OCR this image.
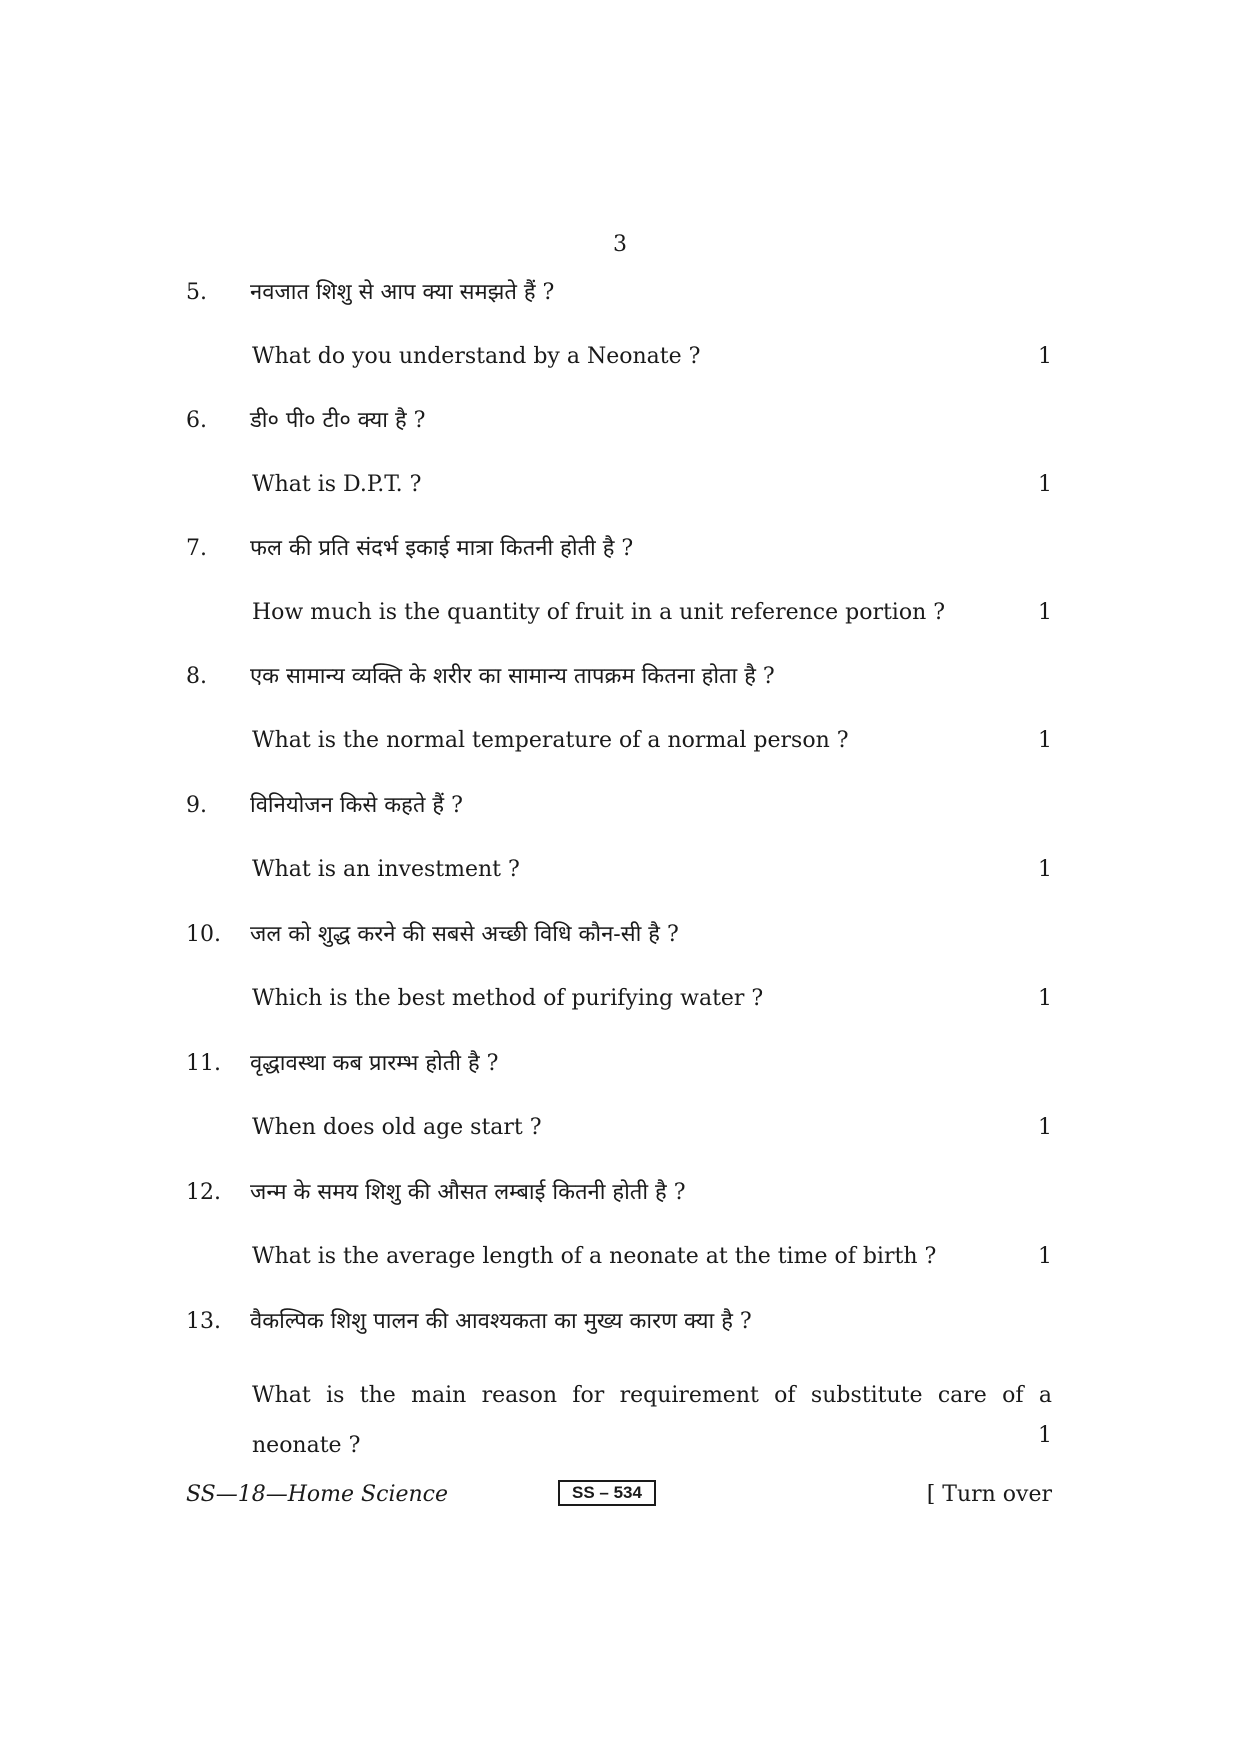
3
5. नवजात शिशु से आप क्या समझते हैं ?
What do you understand by a Neonate ?	1
6. डी० पी० टी० क्या है ?
What is D.P.T. ?	1
7. फल की प्रति संदर्भ इकाई मात्रा कितनी होती है ?
How much is the quantity of fruit in a unit reference portion ?	1
8. एक सामान्य व्यक्ति के शरीर का सामान्य तापक्रम कितना होता है ?
What is the normal temperature of a normal person ?	1
9. विनियोजन किसे कहते हैं ?
What is an investment ?	1
10. जल को शुद्ध करने की सबसे अच्छी विधि कौन-सी है ?
Which is the best method of purifying water ?	1
11. वृद्धावस्था कब प्रारम्भ होती है ?
When does old age start ?	1
12. जन्म के समय शिशु की औसत लम्बाई कितनी होती है ?
What is the average length of a neonate at the time of birth ?	1
13. वैकल्पिक शिशु पालन की आवश्यकता का मुख्य कारण क्या है ?
What is the main reason for requirement of substitute care of a neonate ?	1
SS—18—Home Science	SS – 534	[ Turn over
